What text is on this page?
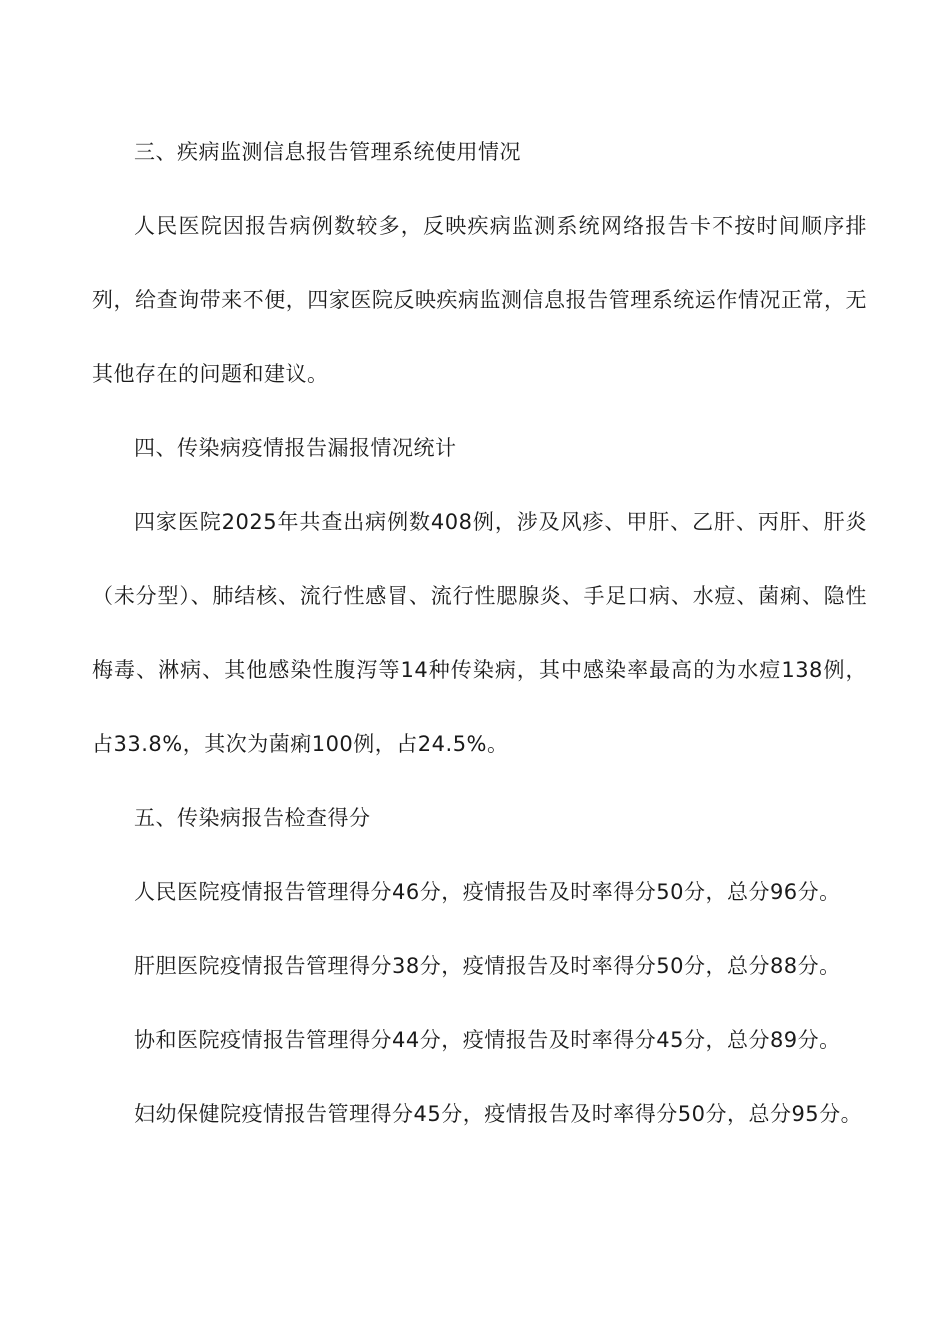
三、疾病监测信息报告管理系统使用情况

人民医院因报告病例数较多，反映疾病监测系统网络报告卡不按时间顺序排列，给查询带来不便，四家医院反映疾病监测信息报告管理系统运作情况正常，无其他存在的问题和建议。

四、传染病疫情报告漏报情况统计

四家医院2025年共查出病例数408例，涉及风疹、甲肝、乙肝、丙肝、肝炎（未分型）、肺结核、流行性感冒、流行性腮腺炎、手足口病、水痘、菌痢、隐性梅毒、淋病、其他感染性腹泻等14种传染病，其中感染率最高的为水痘138例，占33.8%，其次为菌痢100例，占24.5%。

五、传染病报告检查得分

人民医院疫情报告管理得分46分，疫情报告及时率得分50分，总分96分。

肝胆医院疫情报告管理得分38分，疫情报告及时率得分50分，总分88分。

协和医院疫情报告管理得分44分，疫情报告及时率得分45分，总分89分。

妇幼保健院疫情报告管理得分45分，疫情报告及时率得分50分，总分95分。
